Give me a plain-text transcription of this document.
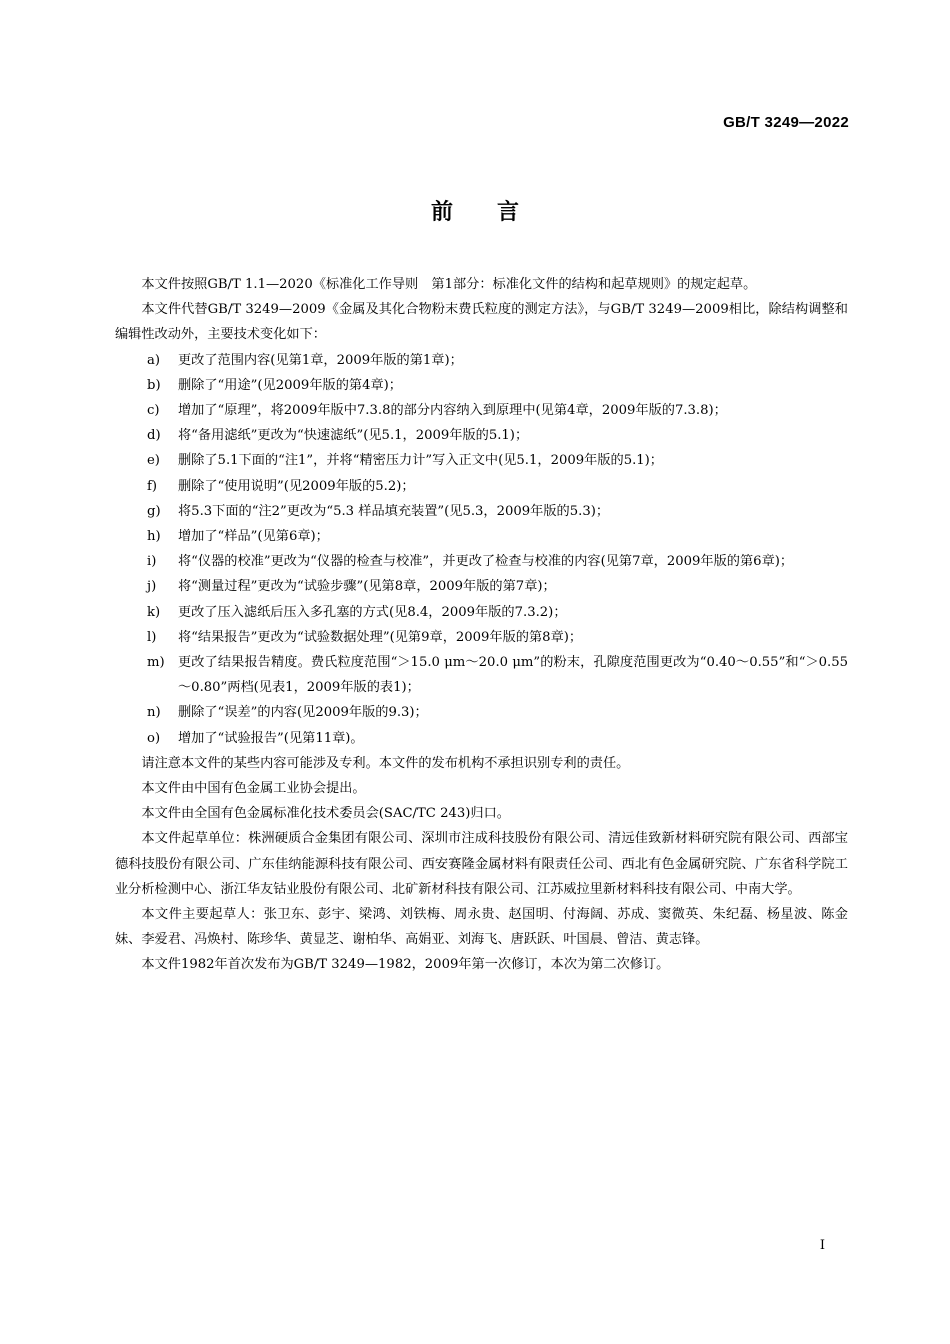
GB/T 3249—2022
前 言

本文件按照GB/T 1.1—2020《标准化工作导则　第1部分：标准化文件的结构和起草规则》的规定起草。

本文件代替GB/T 3249—2009《金属及其化合物粉末费氏粒度的测定方法》，与GB/T 3249—2009相比，除结构调整和编辑性改动外，主要技术变化如下：

a) 更改了范围内容(见第1章，2009年版的第1章)；

b) 删除了“用途”(见2009年版的第4章)；

c) 增加了“原理”，将2009年版中7.3.8的部分内容纳入到原理中(见第4章，2009年版的7.3.8)；

d) 将“备用滤纸”更改为“快速滤纸”(见5.1，2009年版的5.1)；

e) 删除了5.1下面的“注1”，并将“精密压力计”写入正文中(见5.1，2009年版的5.1)；

f) 删除了“使用说明”(见2009年版的5.2)；

g) 将5.3下面的“注2”更改为“5.3 样品填充装置”(见5.3，2009年版的5.3)；

h) 增加了“样品”(见第6章)；

i) 将“仪器的校准”更改为“仪器的检查与校准”，并更改了检查与校准的内容(见第7章，2009年版的第6章)；

j) 将“测量过程”更改为“试验步骤”(见第8章，2009年版的第7章)；

k) 更改了压入滤纸后压入多孔塞的方式(见8.4，2009年版的7.3.2)；

l) 将“结果报告”更改为“试验数据处理”(见第9章，2009年版的第8章)；

m) 更改了结果报告精度。费氏粒度范围“＞15.0 μm～20.0 μm”的粉末，孔隙度范围更改为“0.40～0.55”和“＞0.55～0.80”两档(见表1，2009年版的表1)；

n) 删除了“误差”的内容(见2009年版的9.3)；

o) 增加了“试验报告”(见第11章)。

请注意本文件的某些内容可能涉及专利。本文件的发布机构不承担识别专利的责任。

本文件由中国有色金属工业协会提出。

本文件由全国有色金属标准化技术委员会(SAC/TC 243)归口。

本文件起草单位：株洲硬质合金集团有限公司、深圳市注成科技股份有限公司、清远佳致新材料研究院有限公司、西部宝德科技股份有限公司、广东佳纳能源科技有限公司、西安赛隆金属材料有限责任公司、西北有色金属研究院、广东省科学院工业分析检测中心、浙江华友钴业股份有限公司、北矿新材科技有限公司、江苏威拉里新材料科技有限公司、中南大学。

本文件主要起草人：张卫东、彭宇、梁鸿、刘铁梅、周永贵、赵国明、付海阔、苏成、窦微英、朱纪磊、杨星波、陈金妹、李爱君、冯焕村、陈珍华、黄显芝、谢柏华、高娟亚、刘海飞、唐跃跃、叶国晨、曾洁、黄志锋。

本文件1982年首次发布为GB/T 3249—1982，2009年第一次修订，本次为第二次修订。

I
